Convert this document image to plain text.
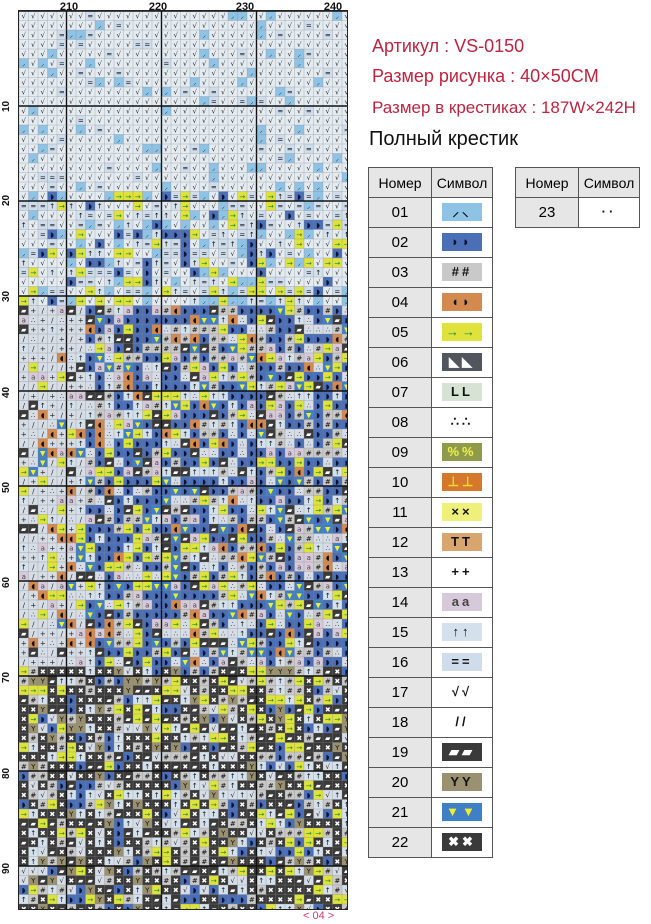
210	220	230	240
10
20
30
40
50
60
70
80
90
√ √ √ √ √ √ √ = √ √ √ √ √ √ √ √ √ √ √ √ √ √ ⸝ ⸝ √ √ ⸝ √ √ √ √ √ √ ⸝
√ √ √ √ √ √ √ √ ⸝ √ = √ √ √ √ √ √ √ √ √ √ √ √ √ √ ⸝ √ √ √ √ = √ √ √
√ √ √ √ = ⸝ ⸝ = √ √ √ √ √ √ √ √ √ √ √ ⸝ √ √ √ √ √ ⸝ √ = √ √ √ √ = √
√ √ √ √ = √ = √ √ √ √ √ = = √ √ √ √ √ √ √ √ √ √ √ √ √ √ √ √ √ √ √ √
√ √ √ ⸝ √ √ √ √ √ = √ √ √ √ √ √ √ √ √ ⸝ √ √ √ = √ √ ⸝ √ √ ⸝ = √ √ √
⸝ √ ⸝ √ = √ √ ⸝ √ √ √ √ √ √ √ = √ √ √ √ ⸝ √ √ √ √ √ √ √ √ ⸝ √ √ √ √
√ √ √ ⸝ √ √ = √ √ √ = √ √ √ √ √ √ √ √ √ √ √ √ √ ⸝ √ √ √ √ √ √ √ = √
√ √ √ √ √ √ √ = ⸝ √ ⸝ = √ √ √ √ √ √ ⸝ √ √ √ √ ⸝ √ √ √ √ √ √ √ ⸝ √ √
√ √ √ √ = √ √ √ √ √ √ √ √ ⸝ √ ⸝ √ = √ √ = √ √ √ √ √ √ ⸝ = √ √ √ √ √
√ √ √ √ √ √ √ √ √ √ √ √ √ √ √ √ √ √ √ ⸝ = √ √ = ⸝ = √ √ ⸝ √ √ √ √ √
√ ⸝ √ √ √ √ √ √ √ √ √ √ √ √ √ ⸝ √ √ √ √ √ √ √ √ √ √ √ = √ √ = √ √ √
√ √ √ √ √ √ = √ √ √ √ √ √ √ √ √ √ √ √ √ √ √ √ √ √ √ √ √ √ √ √ √ √ √
⸝ √ ⸝ √ √ √ ⸝ √ = √ √ √ √ √ √ √ √ √ √ √ √ √ √ √ √ ⸝ √ √ √ ⸝ √ √ √ √
√ √ √ √ = √ √ √ √ √ ⸝ √ √ √ √ √ √ √ √ √ √ √ √ √ √ ⸝ √ = √ √ √ √ √ √
√ √ ⸝ = √ √ √ √ √ √ √ √ √ ⸝ ⸝ √ √ √ = ⸝ √ √ √ √ √ = √ √ = √ = √ √ √
√ ⸝ √ √ √ √ √ √ √ √ √ √ √ √ √ √ √ √ √ √ √ √ √ √ √ √ √ = ⸝ √ √ √ √ ⸝
√ √ √ √ √ √ √ √ √ = √ √ √ √ ⸝ √ √ = √ √ ⸝ √ √ √ ⸝ ⸝ √ √ √ √ √ ⸝ √ √
√ √ = = = √ √ √ √ √ √ √ = √ √ √ √ √ √ √ ⸝ √ √ √ √ √ √ √ √ √ √ √ √ √
√ √ √ = √ √ ⸝ √ = √ √ √ √ √ √ ⸝ √ √ √ √ = √ √ √ √ √ √ ⸝ √ ⸝ √ ⸝ √ √
√ ⸝ √ ◗ ⸝ √ √ √ √ ⸝ → → → ⸝ √ ◗ = → = ⸝ √ ◗ √ → = √ → ↑ = ◗ = ⸝ √ =
= = = ↑ → ↑ √ ◗ ↑ √ √ √ → √ = √ ↑ → √ √ √ ⸝ = = √ √ → = √ = ⸝ = √ √
√ ⸝ √ √ √ √ ↑ = √ = → √ ↑ = ↑ ↑ √ → ⸝ √ ◗ ⸝ → ↑ √ = √ √ ◗ √ = √ √ =
↑ √ = = √ √ = ⸝ = √ ⸝ ↑ √ ⸝ ◗ ⸝ √ ⸝ √ √ ⸝ √ → = ↑ ◗ = √ √ ↑ ◗ ◗ = →
√ √ = ◗ ⸝ √ → √ √ √ ◗ = ◗ ⸝ ↑ ◗ ◗ ◗ → √ = ↑ √ = ↑ ⸝ √ √ ⸝ → ⸝ √ ↑ √
√ √ √ = √ √ ⸝ √ ◗ √ ⸝ √ ↑ = → ↑ = ◗ √ ⸝ ↑ = ↑ ⸝ ◗ √ √ ↑ √ → √ √ √ →
⸝ = ◗ → √ ◗ → ↑ ↑ √ → → √ √ ⸝ = = ◗ = = √ = √ ⸝ ◗ ↑ ◗ √ = √ ⸝ √ √ ◗
↑ √ √ √ √ ⸝ √ ◗ ◗ ⸝ ↑ √ = ◗ ↑ = √ ◗ ↑ → √ √ = √ ◗ → ⸝ √ → ⸝ → √ → →
= → √ ↑ √ ↑ → = = = ◗ = √ ◗ √ = √ √ ◗ ⸝ → ⸝ √ √ √ ◗ √ √ √ √ = ↑ √ √
√ √ √ √ √ ◗ = = √ ↑ ⸝ → → ◗ ↑ √ ⸝ √ ↑ = ↑ √ → ⸝ ⸝ → = = √ √ √ √ ◗ √
√ → ⸝ = = √ √ → ↑ ⸝ √ = = ⸝ √ → ↑ = √ = → ↑ ⸝ = → → √ → = → = ◗ √ =
→ ↑ √ ◗ = ⸝ → √ → √ → → √ ⸝ √ √ √ √ ↑ ⸝ ⸝ → ⸝ ⸝ ↑ = ⸝ ↑ → ↑ √ ⸝ √ √
▰ + / + a ▰ / ◗ ▰ # ↑ a ◗ ◗ a # ◖ ◗ ◗ ◗ ▰ # # ◗ ◗ ◗ ◗ ▼ → # ◗ ◗ # ◗
a ∴ + / ∴ + + ▰ ▼ ◗ a ◗ ◗ ◗ ◗ ◗ ◗ ◗ ◖ ▼ ▼ ↑ ◖ ∴ ◗ → ▰ ◗ ◗ ↑ ∴ ◗ ▼ ▰
▰ + + ↑ + + + ◖ ◗ a ◗ → ◗ ◗ ◖ ∴ # ↑ # # # → ◗ ◗ ∴ ∴ # ◗ ◗ ▰ ∴ ∴ ∴ #
/ ∴ / / + / + ◗ # ↑ ▰ ▰ ◗ ◗ ▼ # ◖ # ◖ ◗ # # ∴ → ◖ # ◗ ◗ # → ◗ ◗ ◗ ◖
↑ / + / + + / ∴ → a ◗ ▰ ◗ # # # # ▰ ▼ ▰ # ◗ ▼ → # # a ◗ # ◗ ∴ # → a
+ + + / ◖ ∴ ↑ ◗ ▼ ∴ → # # ◗ ◗ → a ◗ # ◗ # # a # ▼ ◖ → a ↑ # a → ◗ #
/ → / / / + ▰ ◗ a ▼ # ▼ ◗ ∴ ↑ ▰ ◗ # → a ◗ → ◗ ∴ # ◗ ◗ # ◗ ◗ ◖ ∴ ▼ →
+ a a + → ▰ + ↑ ◗ ∴ a ◖ ◗ a ∴ ◗ ◗ ∴ ▰ a → ↑ # → # ◗ ▼ ◗ ▰ → ◗ ◗ → ◗
/ / → / / + + ∴ ◗ ↑ # ◖ ◗ ◗ ↑ ◗ ◗ ◗ ↑ ▼ # ◗ ◗ ▼ → ↑ # → a ▼ → ▰ ◗ ◖
/ + / + ∴ a a ▰ ▰ # ◗ ↑ ◖ ▰ → → → ↑ ∴ → ↑ ↑ ◗ ◗ ◗ ◗ ▰ # ∴ ↑ ↑ ◗ ◗ ↑
/ ▰ ↑ + / ↑ / ∴ # ↑ ◗ ◗ ↑ a # ↑ ▼ → ◗ ◖ ▼ ◗ ↑ ◗ a ◗ → a ◗ → ∴ ◗ → ◗
▰ ∴ ◖ + / + / ↑ # a # ↑ ↑ → ▰ → a ◗ ◗ ◗ ▰ ◗ # → ∴ ▰ a a ◗ # ▼ ◗ # #
+ / / ∴ ▼ / ↑ ▰ ◖ ∴ → a ▼ ◗ ▰ ▰ ◗ ◗ ◖ # ↑ # ↑ ◗ ◖ ◖ ▰ ↑ ◗ ◗ # ◗ # ◗
+ ∴ / ◖ + → ◖ ◗ ◖ ∴ ↑ ▼ → ↑ ◗ ◖ → ↑ ◗ # # ◗ ∴ ◗ ∴ ▼ ▰ # ∴ ∴ ▰ ◗ ◗ #
/ / ◖ + + + ↑ ◗ ◖ ∴ ◗ → ◗ ◗ ◗ ↑ ∴ ▰ ◖ ◗ → ◖ ◗ ∴ ◗ ↑ ↑ # ∴ ◗ ∴ ◗ # →
▰ / ▼ ◖ a ◖ ▼ ∴ ◗ → ◗ ◗ ▰ ◗ # → ◗ ◗ ▰ ∴ ∴ ◗ ◗ ∴ ◗ ◗ a ◗ a a # # # #
+ ∴ ▼ / → ↑ / # ◗ ▰ ∴ ◗ ▼ ▰ a ◗ # ◗ ◗ → ◗ ▰ ∴ ◗ ◗ → → ◗ ◗ → ◗ ◗ ∴ ◗
→ ▼ + / / ▰ / a → → ◗ a ▰ # a ↑ ▰ ▰ ↑ ↑ ↑ # ∴ ▰ ↑ ◗ # → ◗ ◖ ◗ → ▰ ↑
/ + → / / + ↑ ▼ # ◗ → ◗ ◗ ◗ → ▼ ∴ ◗ ◗ ◗ ◗ ↑ ◗ ◗ a ◗ ∴ ▼ ◗ ▼ # ◗ # ◗
→ / + ∴ + ◖ / # ◗ ◖ ∴ ◗ ∴ # ◗ ◗ ▼ ◗ ▼ ▰ ◗ ◗ # a # ◗ ▼ ◗ ◗ ∴ # # ◗ ◗
↑ / + + a a + # ∴ ▰ ◗ ↑ ◗ ◗ ◗ ▼ ∴ ∴ # → # ↑ ◖ ∴ ↑ ◗ ◗ a ◗ ◗ ↑ → ◗ ↑
/ ▰ ∴ / → + ↑ ◗ ◗ ∴ ◗ ▰ → ◗ ▼ ▰ # ▰ ◗ ◗ ↑ → ◗ ◗ ∴ → ↑ ▼ ▰ ∴ ↑ → # →
+ ∴ → ↑ / ∴ / a ▰ # ◗ # # ▼ ↑ a ◗ # a ◗ ↑ ∴ # ◗ # # ◗ ▼ # ▰ ▼ ◗ ▼ ▰
▰ ▰ / ◖ → + → ◗ ◗ ◗ # → ◗ → ◗ ◗ ◖ ▼ ◗ ◗ ▰ ▼ ◗ ◖ ▰ ◗ ∴ ◗ ▰ a # ▼ ▼ ◗
/ / + + ◖ ◖ → ◗ ↑ ◗ ◗ ◗ → a # ▰ ▼ ▰ a → ◗ ◗ ▰ → ◗ ◗ # ∴ ▼ # # ∴ ∴ a
↑ ∴ a + + a ▼ → ◗ ◗ ◗ ↑ → ◗ ↑ ▰ ◗ → → ↑ a ◖ ◗ # # ◖ ◗ → ◗ # → ↑ ∴ ▼
+ + ↑ → ∴ + ▼ ↑ ◗ ◗ ◖ → ◗ → # → ▼ # ↑ ▰ ∴ # # ◖ → ▼ # ▰ ◗ a a # ◖ ◗
↑ / / → + ◖ ∴ ▼ ◗ → → # ∴ ◗ ◗ # ▼ ▰ ◗ ∴ ↑ ◗ ∴ # ◗ # ◗ a ◗ a a # ◖ ∴
a / + + ◖ / ▰ ▰ ∴ ◗ a ∴ ∴ → ∴ → ▼ ◗ # → ◗ # → ↑ ◗ # ◖ ◗ # ◗ ∴ ◗ ▰ ◗
/ ◖ a / a ▼ + → ↑ ◗ ▼ ◗ → → ▼ ▼ a ◗ ▰ → a → ∴ # → ∴ ◗ ◗ ∴ ▼ ▰ # a ◗
/ + ◖ → → ∴ ∴ ↑ ↑ ◗ ◗ # a ◗ ◗ ◗ ▼ ◗ ◗ ◗ ◗ # → ∴ ▼ ◖ ↑ # ▼ ▼ ◗ ◗ ↑ →
/ + / a + / → ◗ ▼ ∴ → ↑ # a ◗ ◗ ◖ a a ▰ # ↑ ↑ ◗ ◗ ◗ ▼ → # → ▰ ▼ ◗ ↑
/ ∴ → / ◖ / ∴ ▼ ◗ ▰ ◗ # ◗ ◗ ◗ ◗ ◗ # ◖ a ◗ ◗ ▼ ◖ # a ◗ ∴ ▼ ◗ ∴ # → ▰
→ / / ∴ ▼ ◖ / ▰ ◗ ◖ # → ▰ ◗ a a → ∴ → ▰ # ◗ ∴ ↑ ∴ ◗ → ∴ ◗ ◗ → a ∴ ∴
▰ / + + / + a ◖ a ◖ # ∴ → ◗ ▰ ∴ ∴ ∴ ◖ # → ∴ ∴ ↑ ◗ ◗ ▰ ◗ ◖ ◗ ▰ a ◗ a
+ ◖ + ∴ + ◖ + ◖ ◗ ▼ # # → ◗ ▼ ◗ # ◗ → ▰ ▰ ▰ ∴ ▼ → # ◗ ◗ → ↑ ▰ ◗ ◗ ◗
+ ▰ ∴ / ▰ + + ↑ ▰ ◗ ◗ → ◗ ◗ # → ◗ ▰ ∴ ◗ # ▼ ↑ # ▼ ▼ ◗ ◖ ▼ # # ◗ # ∴
/ + + + / ∴ a ↑ ◗ → ∴ ▰ ◗ → ◗ ◗ ∴ ▼ ◖ ∴ ◗ a ▰ # ∴ a ◗ ↑ # a ◗ a ◗ ◗
→ # ✖ ✖ ✖ ✖ ✖ ↑ ✖ ✖ Y √ ✖ ↑ ◗ ✖ Y ◗ # ◗ # ✖ ▰ ✖ → → Y Y Y # ↑ # ▰ ✖
# Y Y ▰ ↑ ↑ # ✖ ◗ # ◗ Y Y # Y # → ✖ ✖ # ✖ → ▰ √ # → # ↑ # → ✖ → # ✖
→ → → ✖ → ✖ ✖ # ✖ ✖ ✖ Y ▰ ▰ ✖ → → √ ✖ # ✖ ✖ → → ✖ ✖ # ↑ # # ✖ ◗ # √
▰ # ↑ ✖ ✖ ◗ ✖ ✖ ✖ ▰ # ◗ ↑ ↑ → ▰ ✖ ↑ Y → ✖ # Y # ▰ ✖ → → ↑ → ✖ # → ◗
✖ ✖ Y ▰ ▰ ◗ ✖ ↑ Y # → ✖ → ▰ ↑ ◗ ◗ ✖ ▰ # √ → # ✖ → ✖ ◗ Y ◗ ▰ → ◗ ✖ ▰
✖ → ◗ √ Y # Y ✖ ✖ ✖ # ▰ → ▰ → ▰ ✖ # ✖ Y ◗ Y √ ✖ # → ✖ Y → ✖ ↑ ✖ → →
✖ Y √ ◗ → Y Y ↑ ✖ ✖ # √ √ Y √ → ↑ ▰ → ▰ √ ▰ ▰ ↑ ▰ ✖ # ✖ → ✖ ◗ ↑ ◗ ▰
✖ # ✖ Y # ✖ ◗ ✖ # ◗ ↑ ✖ ✖ ✖ → ✖ ✖ ↑ # ↑ → → ✖ ↑ # ▰ ▰ → ▰ ✖ # ▰ ▰ ▰
→ ↑ ✖ ✖ # → ✖ √ Y ◗ ↑ ✖ # ✖ Y ✖ Y ◗ ▰ ✖ ◗ ▰ ✖ # → ▰ ✖ ◗ → → ▰ ✖ ✖ Y
✖ ✖ ✖ ↑ → → ↑ ✖ ✖ # ▰ ◗ ✖ ▰ √ # # # ▰ ↑ ✖ √ √ ✖ ✖ # # ◗ # # ▰ # ◗ ▰
# Y # ✖ ✖ ✖ ◗ ▰ ▰ → ◗ ✖ ✖ ↑ ✖ ✖ ▰ ✖ ▰ ✖ ↑ ✖ ✖ ✖ Y ↑ ◗ √ ◗ → ↑ ✖ √ ↑
◗ # # ✖ ✖ √ ✖ ✖ Y ◗ ✖ ▰ # # ✖ ◗ ✖ # ↑ ✖ # # ↑ ↑ Y ✖ √ ▰ ✖ # ↑ ↑ ✖ ✖
✖ √ ✖ # ◗ ▰ ◗ ◗ # √ # ✖ ✖ ✖ ✖ ✖ ◗ Y ↑ √ → # ↑ ✖ ✖ # # Y ✖ ✖ → ▰ ▰ ✖
✖ # √ # ✖ ↑ ◗ ↑ √ ✖ → ↑ ↑ ✖ ↑ → ↑ # ✖ √ Y ↑ √ ↑ √ # ▰ ✖ # # ◗ → √ ↑
◗ ✖ # → ✖ ◗ ◗ # → Y ↑ ✖ Y ✖ ✖ ✖ ↑ ✖ → ✖ → # ◗ ✖ # ◗ ✖ ✖ ▰ ◗ # ↑ # ✖
→ ↑ ✖ ✖ ✖ Y ↑ ✖ ↑ # ▰ ✖ ✖ → ✖ ◗ √ → ✖ ↑ ↑ ✖ ◗ ✖ ✖ → ↑ ▰ → ◗ ▰ √ ◗ →
▰ ▰ → ▰ # ✖ ✖ ▰ ✖ Y ◗ ↑ √ Y ✖ √ ↑ ▰ ✖ ↑ ▰ ✖ # # ✖ ↑ → ↑ ◗ Y ✖ ✖ ✖ ✖
✖ ↑ ✖ ✖ → # → ✖ √ ✖ ◗ ▰ ↑ ▰ ✖ ✖ # → ↑ # ✖ Y ✖ ✖ √ √ ✖ # # # → → # ✖
▰ ✖ ↑ ✖ # ▰ √ ✖ ↑ ✖ ◗ ✖ ✖ # ↑ # √ # ✖ → ✖ ✖ Y ↑ ◗ ✖ # ✖ → ◗ → ✖ ↑ ✖
✖ ↑ √ ▰ ✖ # √ ✖ ✖ ✖ Y ↑ ✖ # → → ✖ # ✖ # ✖ → ↑ ◗ ✖ ↑ √ ◗ ◗ → ◗ ↑ ✖ ▰
✖ ↑ Y # Y ▰ Y ✖ ✖ ↑ √ # ◗ Y ✖ → ✖ # ▰ # ✖ ▰ Y ✖ ✖ ✖ ◗ ▰ # Y # ✖ ◗ ✖
√ √ √ ◗ ▰ Y → ✖ √ Y ✖ ◗ # ✖ # ↑ # ▰ ▰ ✖ ▰ ↑ # → ✖ ✖ → ✖ → ↑ Y → # √
√ Y ▰ Y √ ✖ ▰ ▰ √ # ✖ ✖ Y ✖ ✖ # ✖ ◗ # ✖ → ✖ √ √ ✖ ↑ ↑ ✖ ✖ ▰ √ ▰ → #
◗ → # ↑ # √ ◗ Y ✖ ▰ ◗ ✖ ↑ Y → ✖ ✖ √ ◗ √ ◗ ↑ ▰ ↑ ✖ # ✖ ✖ ✖ ✖ ✖ → ↑ #
↑ # ✖ → ↑ ◗ ◗ → Y ✖ → # ↑ ✖ ▰ ↑ ▰ ◗ ◗ ✖ ✖ ◗ ◗ ◗ # ✖ ✖ ✖ ✖ → ▰ ✖ ✖ →
< 04 >
Артикул : VS-0150
Размер рисунка : 40×50CM
Размер в крестиках : 187W×242H
Полный крестик
Номер	Символ
01	⸝⸜
02	◗◗
03	##
04	◖◗
05	→→
06	◣◣
07	LL
08	∴∴
09	%%
10	⊥⊥
11	××
12	TT
13	++
14	aa
15	↑↑
16	==
17	√√
18	//
19	▰▰
20	YY
21	▼▼
22	✖✖
Номер	Символ
23	··
